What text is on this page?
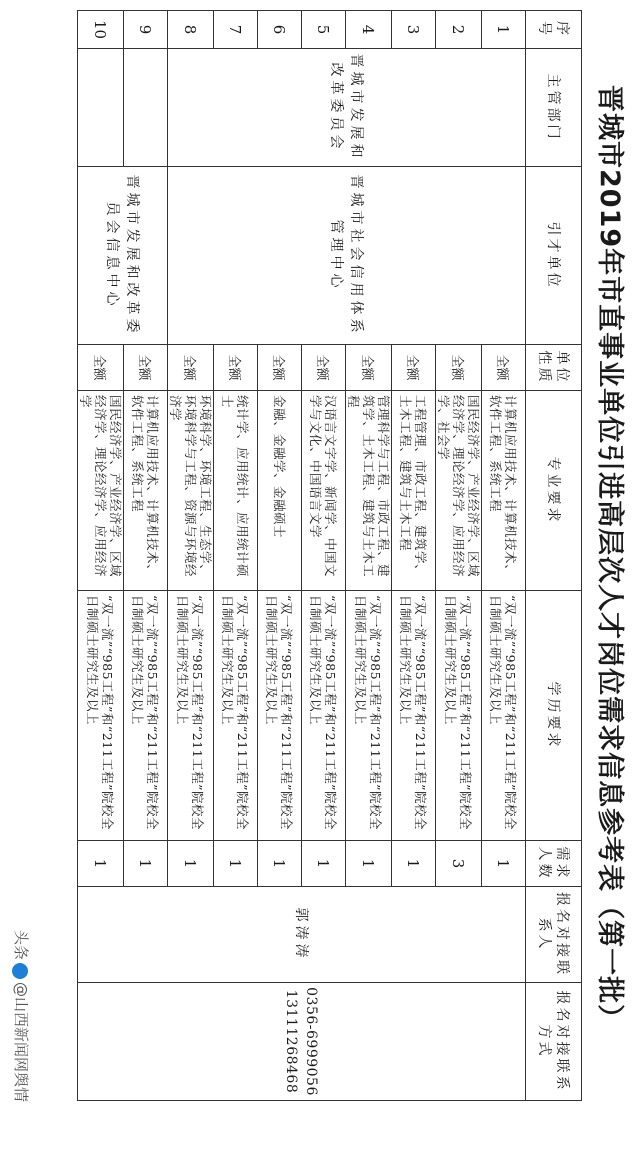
晋城市2019年市直事业单位引进高层次人才岗位需求信息参考表（第一批）
序号	主管部门	引才单位	单位性质	专业要求	学历要求	需求人数	报名对接联系人	报名对接联系方式
1	晋城市发展和改革委员会	晋城市社会信用体系管理中心	全额	计算机应用技术、计算机技术、软件工程、系统工程	“双一流”“985工程”和“211工程”院校全日制硕士研究生及以上	1	郭涛涛	0356-6999056
13111268468

2			全额	国民经济学、产业经济学、区域经济学、理论经济学、应用经济学、社会学	“双一流”“985工程”和“211工程”院校全日制硕士研究生及以上	3		
3			全额	工程管理、市政工程、建筑学、土木工程、建筑与土木工程	“双一流”“985工程”和“211工程”院校全日制硕士研究生及以上	1		
4			全额	管理科学与工程、市政工程、建筑学、土木工程、建筑与土木工程	“双一流”“985工程”和“211工程”院校全日制硕士研究生及以上	1		
5			全额	汉语言文字学、新闻学、中国文学与文化、中国语言文学	“双一流”“985工程”和“211工程”院校全日制硕士研究生及以上	1		
6			全额	金融、金融学、金融硕士	“双一流”“985工程”和“211工程”院校全日制硕士研究生及以上	1		
7			全额	统计学、应用统计、应用统计硕士	“双一流”“985工程”和“211工程”院校全日制硕士研究生及以上	1		
8			全额	环境科学、环境工程、生态学、环境科学与工程、资源与环境经济学	“双一流”“985工程”和“211工程”院校全日制硕士研究生及以上	1		
9		晋城市发展和改革委员会信息中心	全额	计算机应用技术、计算机技术、软件工程、系统工程	“双一流”“985工程”和“211工程”院校全日制硕士研究生及以上	1		
10			全额	国民经济学、产业经济学、区域经济学、理论经济学、应用经济学	“双一流”“985工程”和“211工程”院校全日制硕士研究生及以上	1		
头条@山西新闻网舆情
